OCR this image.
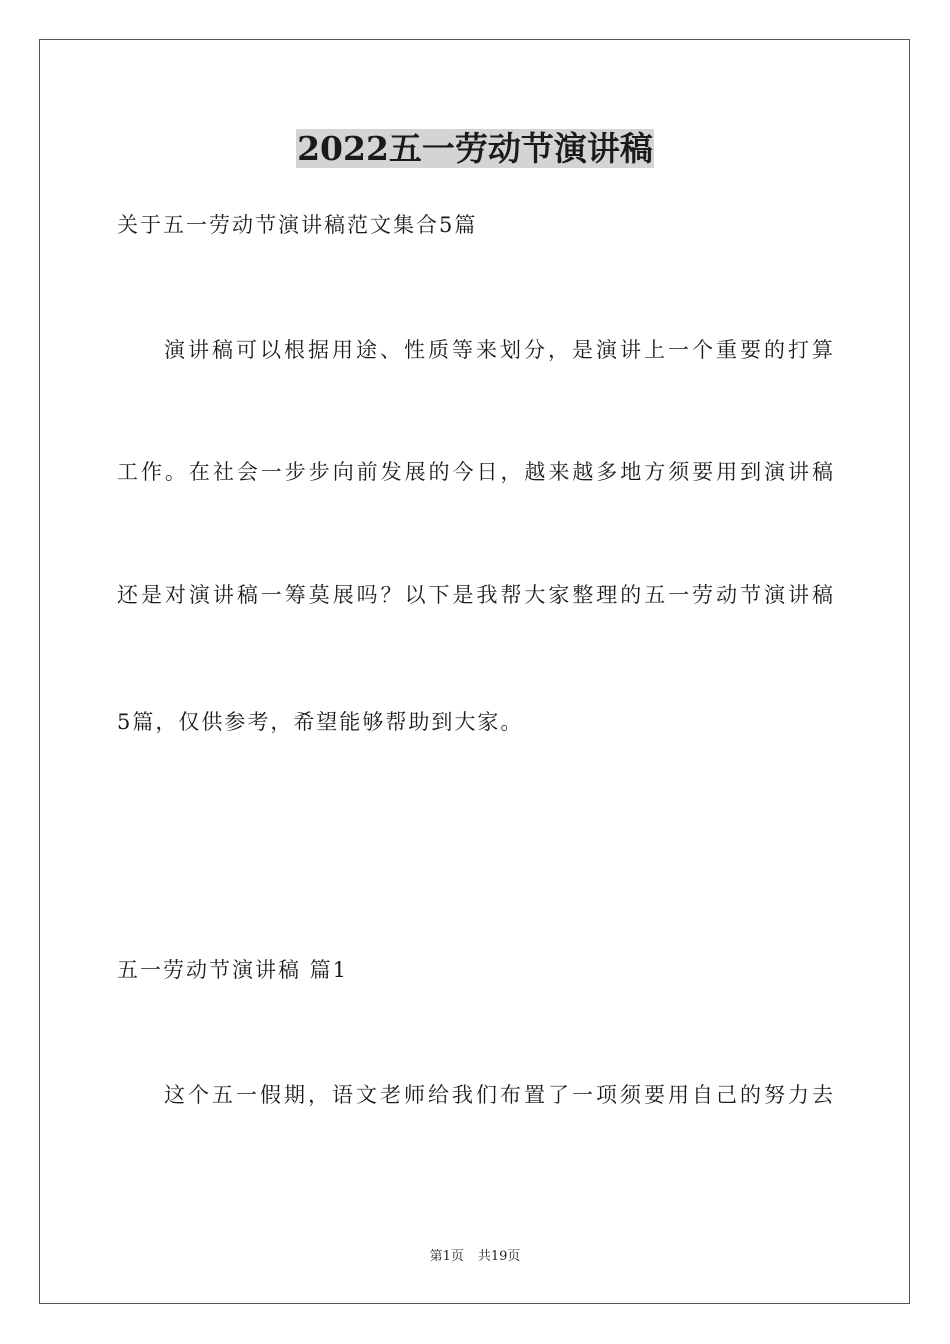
2022五一劳动节演讲稿
关于五一劳动节演讲稿范文集合5篇
演讲稿可以根据用途、性质等来划分，是演讲上一个重要的打算
工作。在社会一步步向前发展的今日，越来越多地方须要用到演讲稿
还是对演讲稿一筹莫展吗？以下是我帮大家整理的五一劳动节演讲稿
5篇，仅供参考，希望能够帮助到大家。
五一劳动节演讲稿 篇1
这个五一假期，语文老师给我们布置了一项须要用自己的努力去
第1页 共19页
